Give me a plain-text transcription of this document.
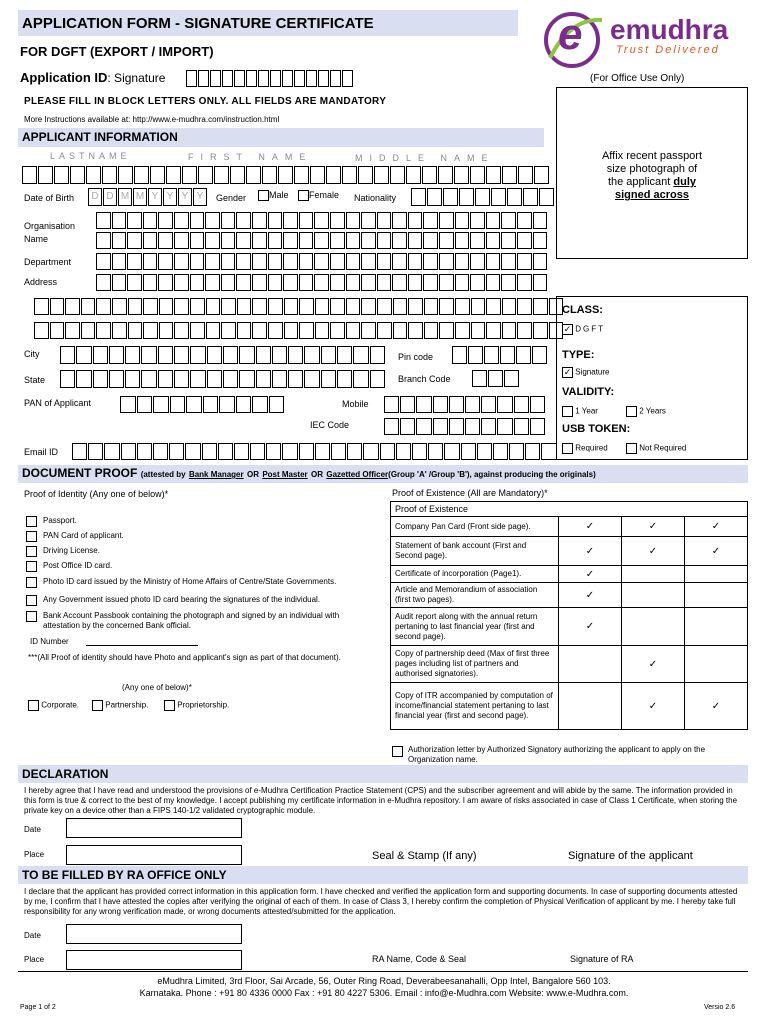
APPLICATION FORM - SIGNATURE CERTIFICATE
FOR DGFT (EXPORT / IMPORT)
Application ID: Signature	(For Office Use Only)
e emudhra
Trust Delivered
PLEASE FILL IN BLOCK LETTERS ONLY. ALL FIELDS ARE MANDATORY
More Instructions available at: http://www.e-mudhra.com/instruction.html
APPLICANT INFORMATION
LASTNAME	FIRST NAME	MIDDLE NAME
Date of Birth	D D M M Y Y Y Y	Gender	Male	Female Nationality
Organisation Name
Department
Address
City	Pin code
State	Branch Code
PAN of Applicant	Mobile
IEC Code
Email ID
Affix recent passport
size photograph of
the applicant duly
signed across
CLASS:
✓ DGFT
TYPE:
✓ Signature
VALIDITY:
1 Year	2 Years
USB TOKEN:
Required	Not Required
DOCUMENT PROOF (attested by Bank Manager OR Post Master OR Gazetted Officer(Group 'A' /Group 'B'), against producing the originals)
Proof of Identity (Any one of below)*
Passport.
PAN Card of applicant.
Driving License.
Post Office ID card.
Photo ID card issued by the Ministry of Home Affairs of Centre/State Governments.
Any Government issued photo ID card bearing the signatures of the individual.
Bank Account Passbook containing the photograph and signed by an individual with attestation by the concerned Bank official.
ID Number
***(All Proof of identity should have Photo and applicant's sign as part of that document).
(Any one of below)*
Corporate.	Partnership.	Proprietorship.
Proof of Existence (All are Mandatory)*
Proof of Existence			
Company Pan Card (Front side page).	✓	✓	✓
Statement of bank account (First and Second page).	✓	✓	✓
Certificate of incorporation (Page1).	✓		
Article and Memorandium of association (first two pages).	✓		
Audit report along with the annual return pertaning to last financial year (first and second page).	✓		
Copy of partnership deed (Max of first three pages including list of partners and authorised signatories).		✓	
Copy of ITR accompanied by computation of income/financial statement pertaning to last financial year (first and second page).		✓	✓
Authorization letter by Authorized Signatory authorizing the applicant to apply on the Organization name.
DECLARATION
I hereby agree that I have read and understood the provisions of e-Mudhra Certification Practice Statement (CPS) and the subscriber agreement and will abide by the same. The information provided in this form is true & correct to the best of my knowledge. I accept publishing my certificate information in e-Mudhra repository. I am aware of risks associated in case of Class 1 Certificate, when storing the private key on a device other than a FIPS 140-1/2 validated cryptographic module.
Date
Place	Seal & Stamp (If any)	Signature of the applicant
TO BE FILLED BY RA OFFICE ONLY
I declare that the applicant has provided correct information in this application form. I have checked and verified the application form and supporting documents. In case of supporting documents attested by me, I confirm that I have attested the copies after verifying the original of each of them. In case of Class 3, I hereby confirm the completion of Physical Verification of applicant by me. I hereby take full responsibility for any wrong verification made, or wrong documents attested/submitted for the application.
Date
Place	RA Name, Code & Seal	Signature of RA
eMudhra Limited, 3rd Floor, Sai Arcade, 56, Outer Ring Road, Deverabeesanahalli, Opp Intel, Bangalore 560 103.
Karnataka. Phone : +91 80 4336 0000 Fax : +91 80 4227 5306. Email : info@e-Mudhra.com Website: www.e-Mudhra.com.
Page 1 of 2	Versio 2.6
